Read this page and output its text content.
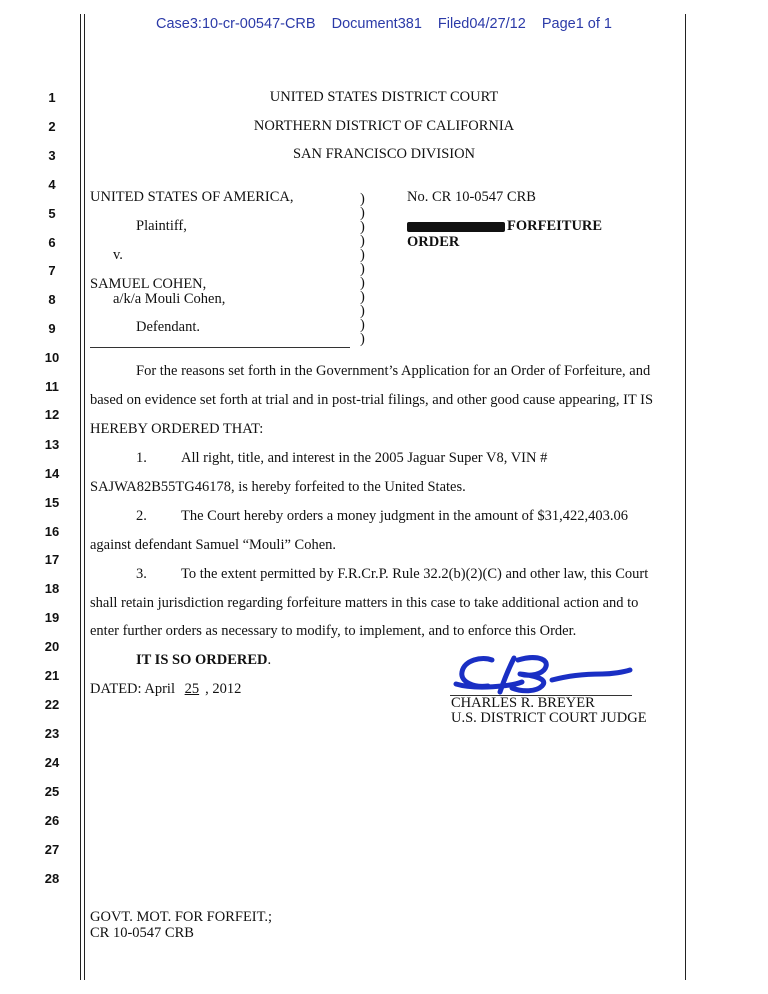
Case3:10-cr-00547-CRB Document381 Filed04/27/12 Page1 of 1
1
2
3
4
5
6
7
8
9
10
11
12
13
14
15
16
17
18
19
20
21
22
23
24
25
26
27
28
UNITED STATES DISTRICT COURT
NORTHERN DISTRICT OF CALIFORNIA
SAN FRANCISCO DIVISION
UNITED STATES OF AMERICA,
Plaintiff,
v.
SAMUEL COHEN,
a/k/a Mouli Cohen,
Defendant.
)
)
)
)
)
)
)
)
)
)
)
No. CR 10-0547 CRB
FORFEITURE
ORDER
For the reasons set forth in the Government’s Application for an Order of Forfeiture, and
based on evidence set forth at trial and in post-trial filings, and other good cause appearing, IT IS
HEREBY ORDERED THAT:
1. All right, title, and interest in the 2005 Jaguar Super V8, VIN #
SAJWA82B55TG46178, is hereby forfeited to the United States.
2. The Court hereby orders a money judgment in the amount of $31,422,403.06
against defendant Samuel “Mouli” Cohen.
3. To the extent permitted by F.R.Cr.P. Rule 32.2(b)(2)(C) and other law, this Court
shall retain jurisdiction regarding forfeiture matters in this case to take additional action and to
enter further orders as necessary to modify, to implement, and to enforce this Order.
IT IS SO ORDERED.
DATED: April 25 , 2012
CHARLES R. BREYER
U.S. DISTRICT COURT JUDGE
GOVT. MOT. FOR FORFEIT.;
CR 10-0547 CRB
